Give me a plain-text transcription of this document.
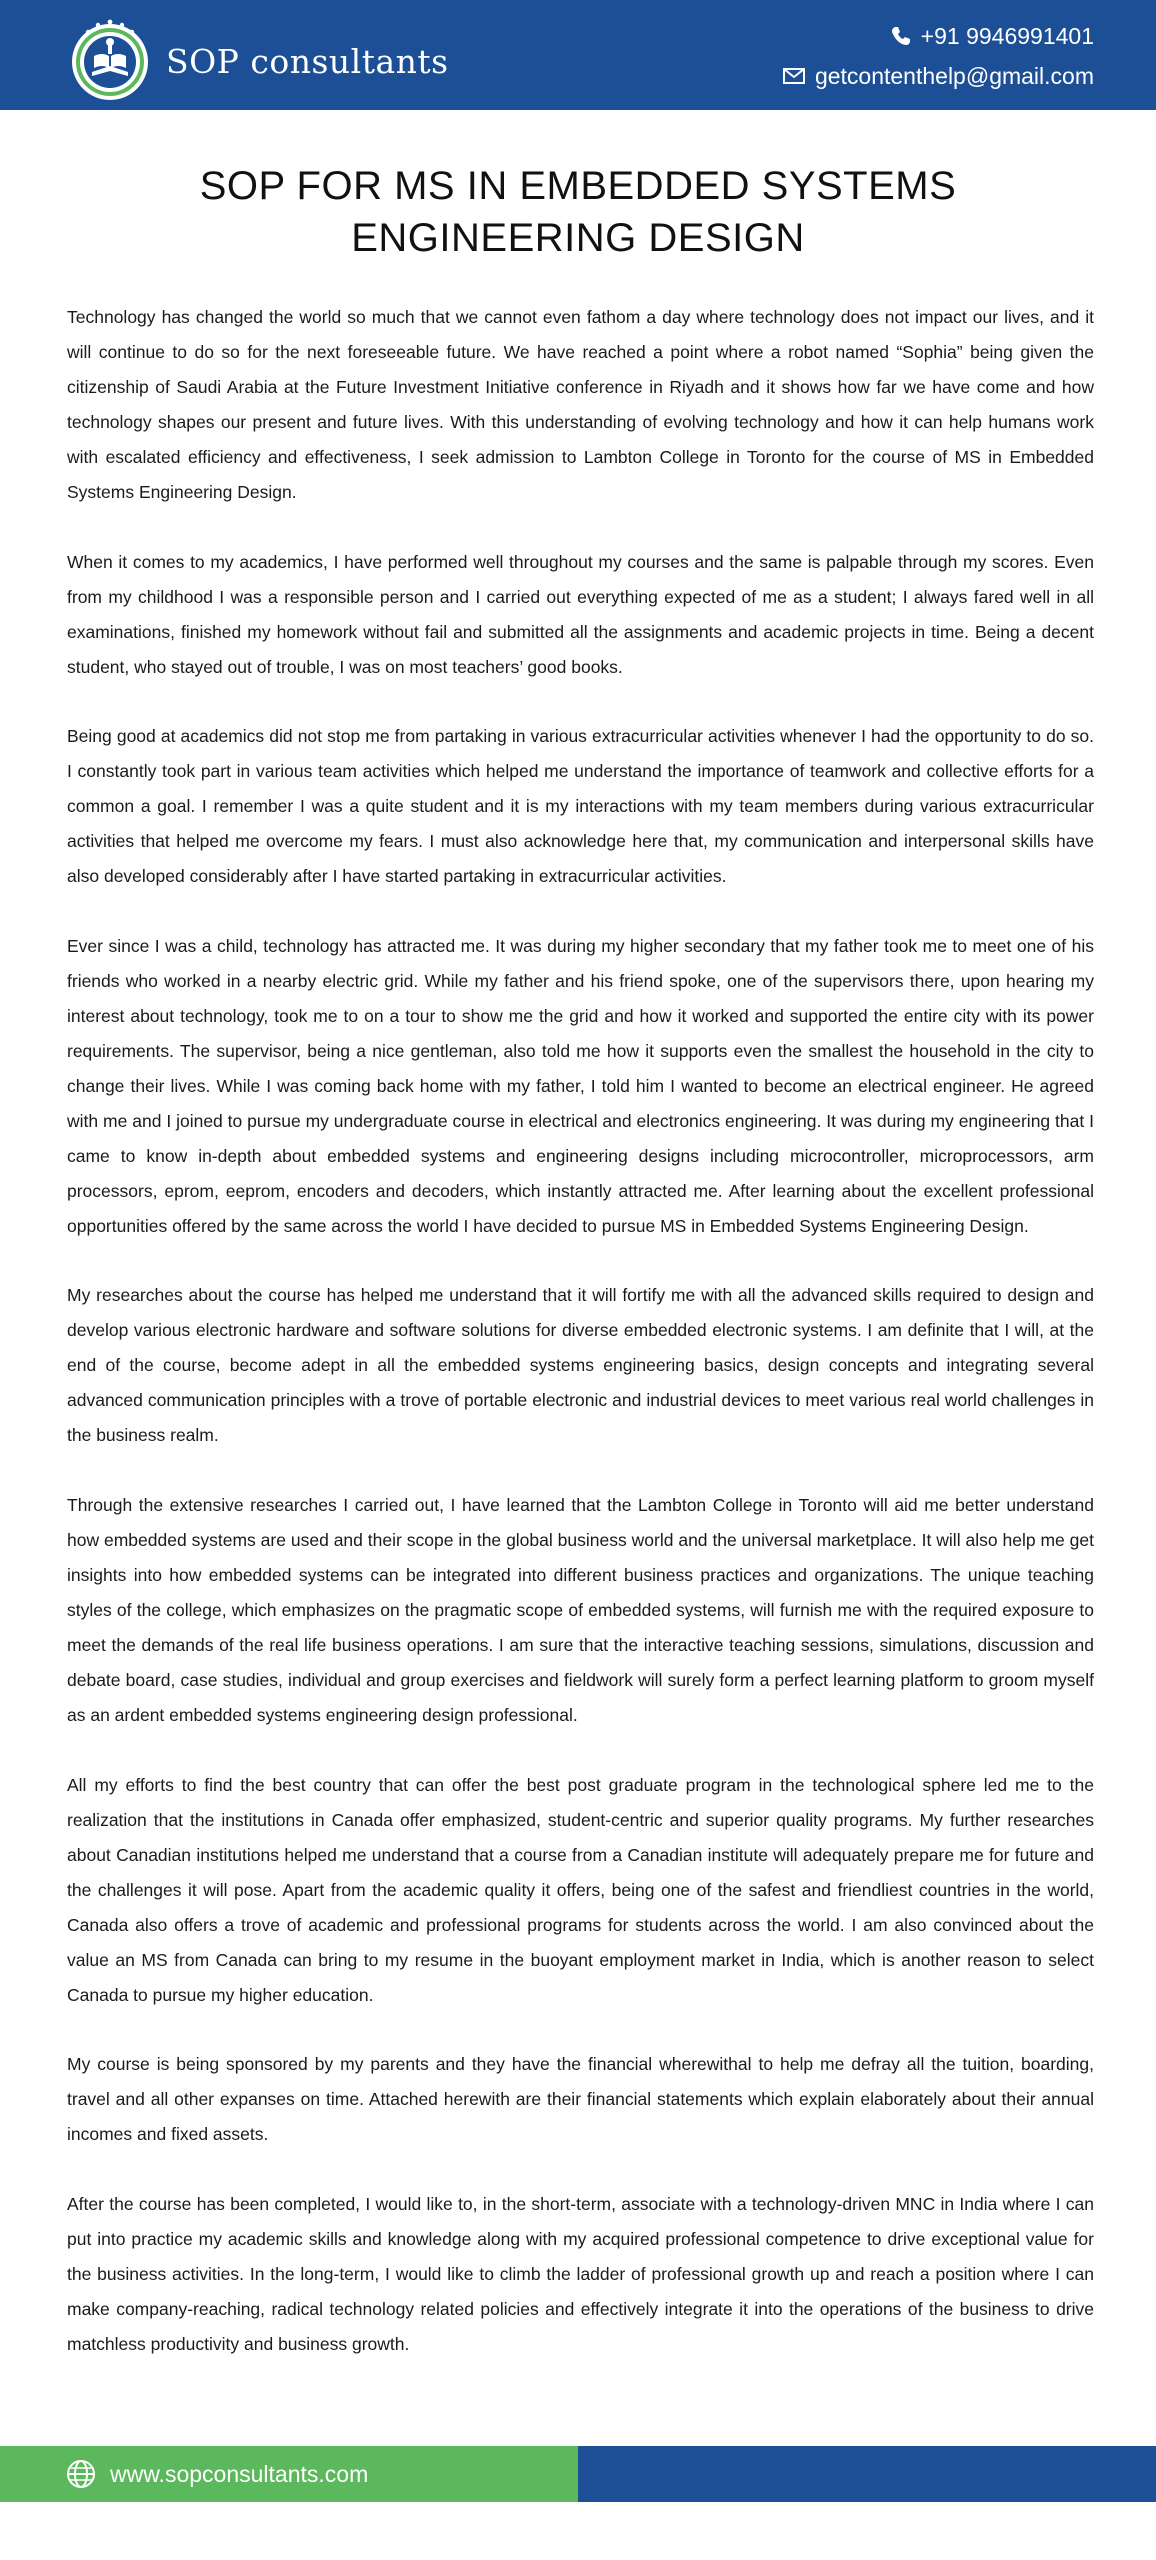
SOP consultants
+91 9946991401
getcontenthelp@gmail.com
SOP FOR MS IN EMBEDDED SYSTEMS
ENGINEERING DESIGN

Technology has changed the world so much that we cannot even fathom a day where technology does not impact our lives, and it will continue to do so for the next foreseeable future. We have reached a point where a robot named “Sophia” being given the citizenship of Saudi Arabia at the Future Investment Initiative conference in Riyadh and it shows how far we have come and how technology shapes our present and future lives. With this understanding of evolving technology and how it can help humans work with escalated efficiency and effectiveness, I seek admission to Lambton College in Toronto for the course of MS in Embedded Systems Engineering Design.

When it comes to my academics, I have performed well throughout my courses and the same is palpable through my scores. Even from my childhood I was a responsible person and I carried out everything expected of me as a student; I always fared well in all examinations, finished my homework without fail and submitted all the assignments and academic projects in time. Being a decent student, who stayed out of trouble, I was on most teachers’ good books.

Being good at academics did not stop me from partaking in various extracurricular activities whenever I had the opportunity to do so. I constantly took part in various team activities which helped me understand the importance of teamwork and collective efforts for a common a goal. I remember I was a quite student and it is my interactions with my team members during various extracurricular activities that helped me overcome my fears. I must also acknowledge here that, my communication and interpersonal skills have also developed considerably after I have started partaking in extracurricular activities.

Ever since I was a child, technology has attracted me. It was during my higher secondary that my father took me to meet one of his friends who worked in a nearby electric grid. While my father and his friend spoke, one of the supervisors there, upon hearing my interest about technology, took me to on a tour to show me the grid and how it worked and supported the entire city with its power requirements. The supervisor, being a nice gentleman, also told me how it supports even the smallest the household in the city to change their lives. While I was coming back home with my father, I told him I wanted to become an electrical engineer. He agreed with me and I joined to pursue my undergraduate course in electrical and electronics engineering. It was during my engineering that I came to know in-depth about embedded systems and engineering designs including microcontroller, microprocessors, arm processors, eprom, eeprom, encoders and decoders, which instantly attracted me. After learning about the excellent professional opportunities offered by the same across the world I have decided to pursue MS in Embedded Systems Engineering Design.

My researches about the course has helped me understand that it will fortify me with all the advanced skills required to design and develop various electronic hardware and software solutions for diverse embedded electronic systems. I am definite that I will, at the end of the course, become adept in all the embedded systems engineering basics, design concepts and integrating several advanced communication principles with a trove of portable electronic and industrial devices to meet various real world challenges in the business realm.

Through the extensive researches I carried out, I have learned that the Lambton College in Toronto will aid me better understand how embedded systems are used and their scope in the global business world and the universal marketplace. It will also help me get insights into how embedded systems can be integrated into different business practices and organizations. The unique teaching styles of the college, which emphasizes on the pragmatic scope of embedded systems, will furnish me with the required exposure to meet the demands of the real life business operations. I am sure that the interactive teaching sessions, simulations, discussion and debate board, case studies, individual and group exercises and fieldwork will surely form a perfect learning platform to groom myself as an ardent embedded systems engineering design professional.

All my efforts to find the best country that can offer the best post graduate program in the technological sphere led me to the realization that the institutions in Canada offer emphasized, student-centric and superior quality programs. My further researches about Canadian institutions helped me understand that a course from a Canadian institute will adequately prepare me for future and the challenges it will pose. Apart from the academic quality it offers, being one of the safest and friendliest countries in the world, Canada also offers a trove of academic and professional programs for students across the world. I am also convinced about the value an MS from Canada can bring to my resume in the buoyant employment market in India, which is another reason to select Canada to pursue my higher education.

My course is being sponsored by my parents and they have the financial wherewithal to help me defray all the tuition, boarding, travel and all other expanses on time. Attached herewith are their financial statements which explain elaborately about their annual incomes and fixed assets.

After the course has been completed, I would like to, in the short-term, associate with a technology-driven MNC in India where I can put into practice my academic skills and knowledge along with my acquired professional competence to drive exceptional value for the business activities. In the long-term, I would like to climb the ladder of professional growth up and reach a position where I can make company-reaching, radical technology related policies and effectively integrate it into the operations of the business to drive matchless productivity and business growth.

www.sopconsultants.com
